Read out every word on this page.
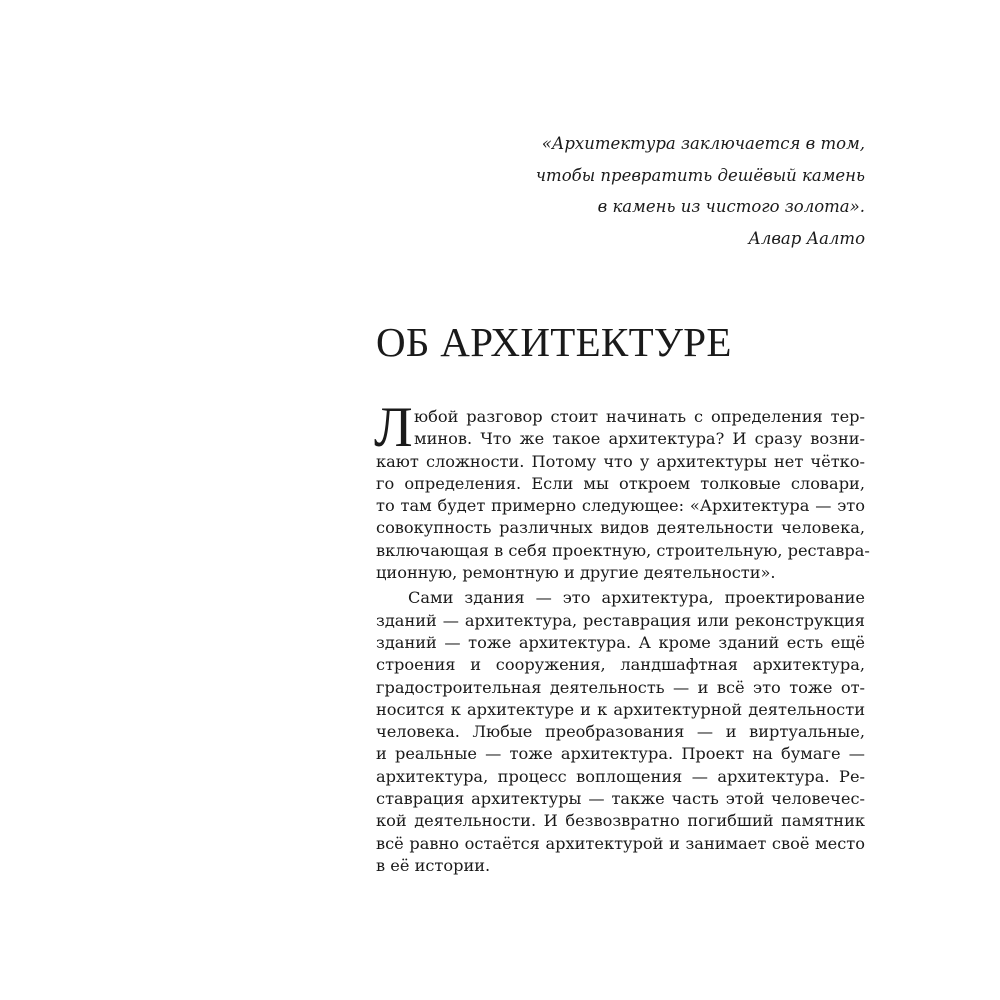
«Архитектура заключается в том,
чтобы превратить дешёвый камень
в камень из чистого золота».
Алвар Аалто
ОБ АРХИТЕКТУРЕ
Л юбой разговор стоит начинать с определения тер-
минов. Что же такое архитектура? И сразу возни-
кают сложности. Потому что у архитектуры нет чётко-
го определения. Если мы откроем толковые словари,
то там будет примерно следующее: «Архитектура — это
совокупность различных видов деятельности человека,
включающая в себя проектную, строительную, реставра-
ционную, ремонтную и другие деятельности».
Сами здания — это архитектура, проектирование
зданий — архитектура, реставрация или реконструкция
зданий — тоже архитектура. А кроме зданий есть ещё
строения и сооружения, ландшафтная архитектура,
градостроительная деятельность — и всё это тоже от-
носится к архитектуре и к архитектурной деятельности
человека. Любые преобразования — и виртуальные,
и реальные — тоже архитектура. Проект на бумаге —
архитектура, процесс воплощения — архитектура. Ре-
ставрация архитектуры — также часть этой человечес-
кой деятельности. И безвозвратно погибший памятник
всё равно остаётся архитектурой и занимает своё место
в её истории.
